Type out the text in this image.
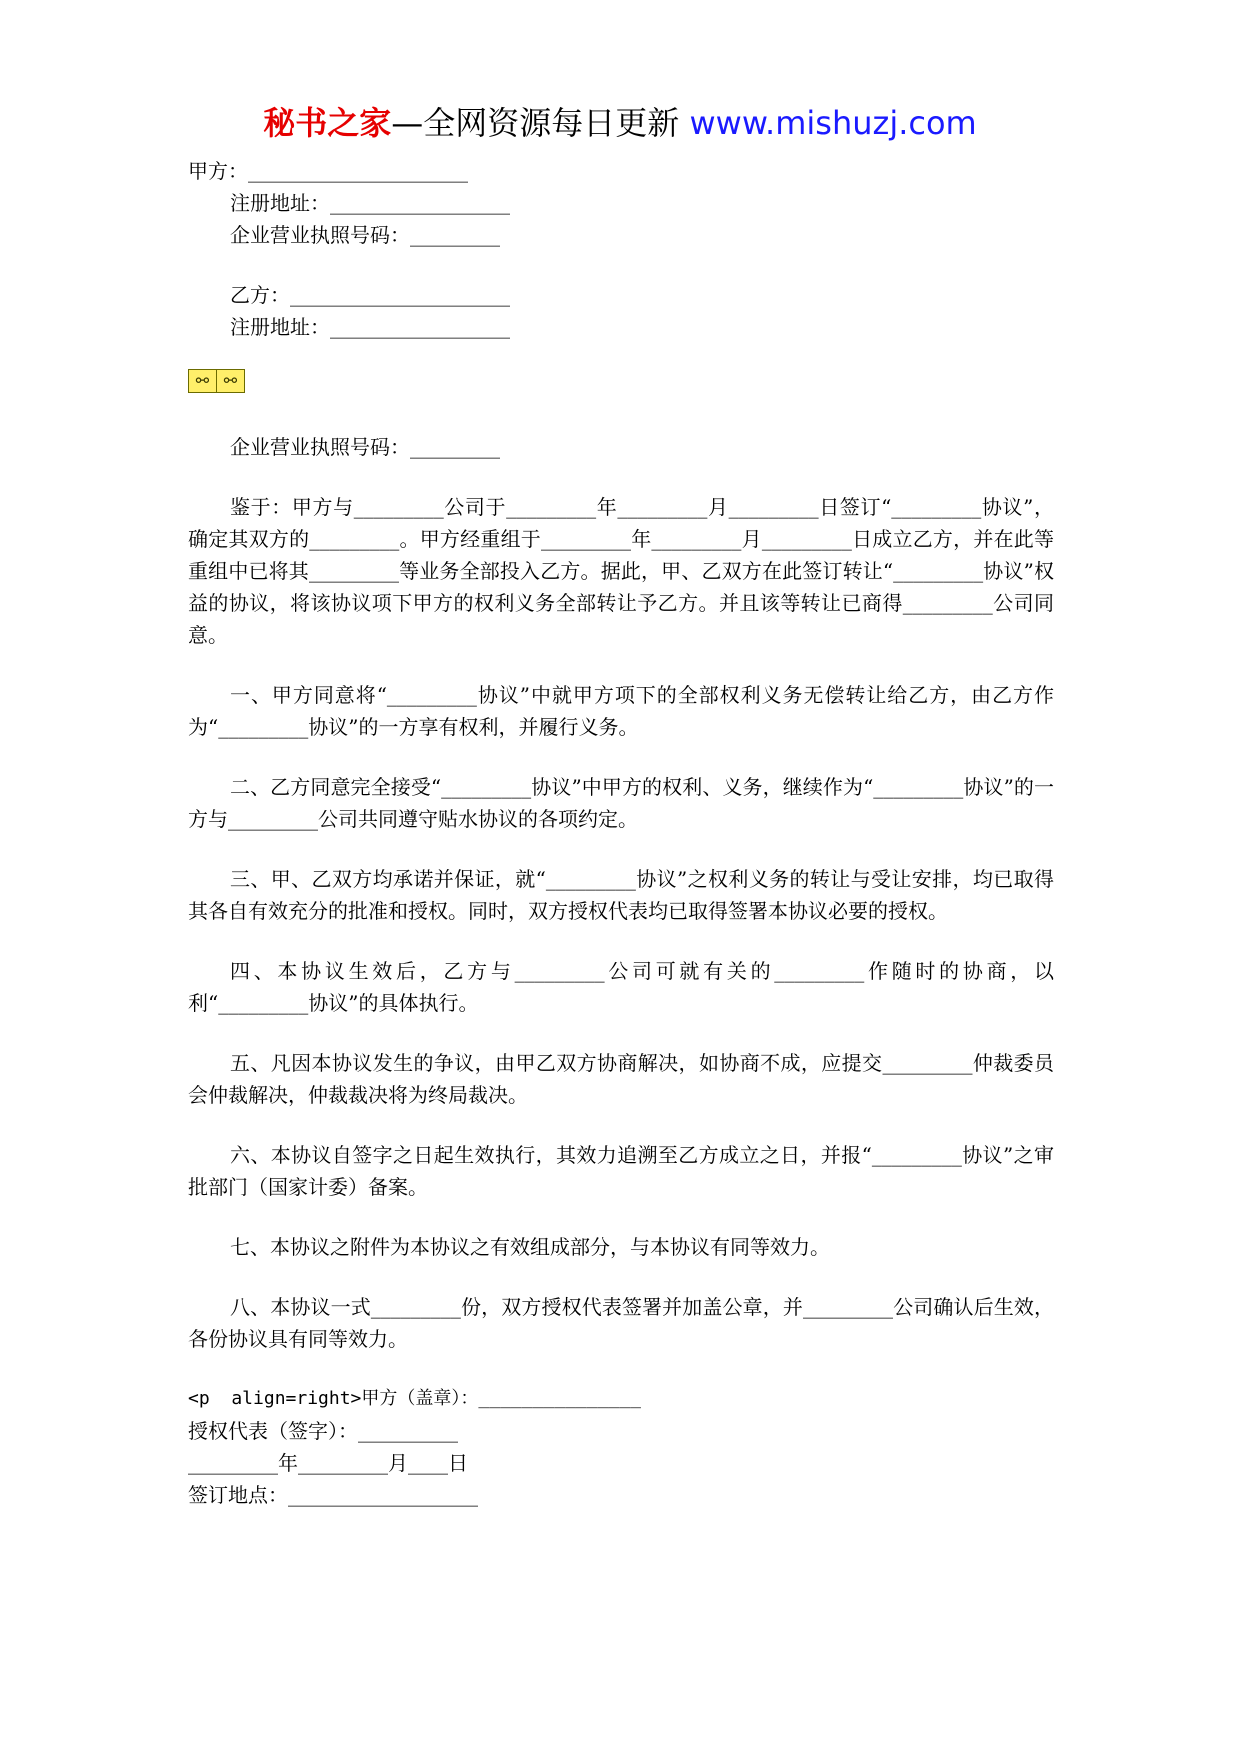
秘书之家—全网资源每日更新 www.mishuzj.com
甲方：______________________
注册地址：__________________
企业营业执照号码：_________
乙方：______________________
注册地址：__________________
⚯ ⚯
企业营业执照号码：_________

鉴于：甲方与_________公司于_________年_________月_________日签订“_________协议”，确定其双方的_________。甲方经重组于_________年_________月_________日成立乙方，并在此等重组中已将其_________等业务全部投入乙方。据此，甲、乙双方在此签订转让“_________协议”权益的协议，将该协议项下甲方的权利义务全部转让予乙方。并且该等转让已商得_________公司同意。

一、甲方同意将“_________协议”中就甲方项下的全部权利义务无偿转让给乙方，由乙方作为“_________协议”的一方享有权利，并履行义务。

二、乙方同意完全接受“_________协议”中甲方的权利、义务，继续作为“_________协议”的一方与_________公司共同遵守贴水协议的各项约定。

三、甲、乙双方均承诺并保证，就“_________协议”之权利义务的转让与受让安排，均已取得其各自有效充分的批准和授权。同时，双方授权代表均已取得签署本协议必要的授权。

四、本协议生效后，乙方与_________公司可就有关的_________作随时的协商，以利“_________协议”的具体执行。

五、凡因本协议发生的争议，由甲乙双方协商解决，如协商不成，应提交_________仲裁委员会仲裁解决，仲裁裁决将为终局裁决。

六、本协议自签字之日起生效执行，其效力追溯至乙方成立之日，并报“_________协议”之审批部门（国家计委）备案。

七、本协议之附件为本协议之有效组成部分，与本协议有同等效力。

八、本协议一式_________份，双方授权代表签署并加盖公章，并_________公司确认后生效，各份协议具有同等效力。

<p  align=right>甲方（盖章）：_______________
授权代表（签字）：__________
_________年_________月____日
签订地点：___________________
